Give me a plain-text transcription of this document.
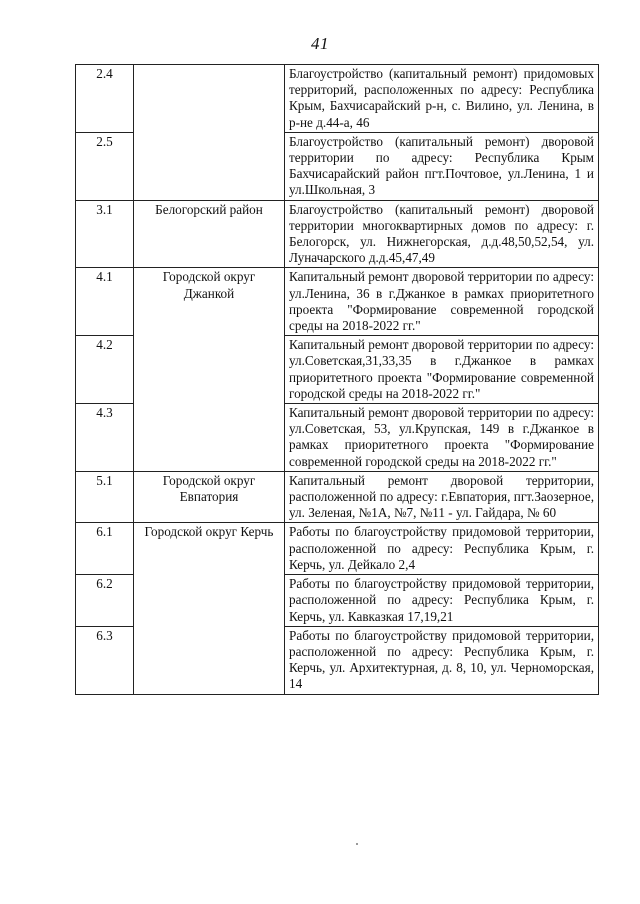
41
2.4		Благоустройство (капитальный ремонт) придомовых территорий, расположенных по адресу: Республика Крым, Бахчисарайский р-н, с. Вилино, ул. Ленина, в р-не д.44-а, 46
2.5		Благоустройство (капитальный ремонт) дворовой территории по адресу: Республика Крым Бахчисарайский район пгт.Почтовое, ул.Ленина, 1 и ул.Школьная, 3
3.1	Белогорский район	Благоустройство (капитальный ремонт) дворовой территории многоквартирных домов по адресу: г. Белогорск, ул. Нижнегорская, д.д.48,50,52,54, ул. Луначарского д.д.45,47,49
4.1	Городской округ Джанкой	Капитальный ремонт дворовой территории по адресу: ул.Ленина, 36 в г.Джанкое в рамках приоритетного проекта "Формирование современной городской среды на 2018-2022 гг."
4.2		Капитальный ремонт дворовой территории по адресу: ул.Советская,31,33,35 в г.Джанкое в рамках приоритетного проекта "Формирование современной городской среды на 2018-2022 гг."
4.3		Капитальный ремонт дворовой территории по адресу: ул.Советская, 53, ул.Крупская, 149 в г.Джанкое в рамках приоритетного проекта "Формирование современной городской среды на 2018-2022 гг."
5.1	Городской округ Евпатория	Капитальный ремонт дворовой территории, расположенной по адресу: г.Евпатория, пгт.Заозерное, ул. Зеленая, №1А, №7, №11 - ул. Гайдара, № 60
6.1	Городской округ Керчь	Работы по благоустройству придомовой территории, расположенной по адресу: Республика Крым, г. Керчь, ул. Дейкало 2,4
6.2		Работы по благоустройству придомовой территории, расположенной по адресу: Республика Крым, г. Керчь, ул. Кавказкая 17,19,21
6.3		Работы по благоустройству придомовой территории, расположенной по адресу: Республика Крым, г. Керчь, ул. Архитектурная, д. 8, 10, ул. Черноморская, 14
